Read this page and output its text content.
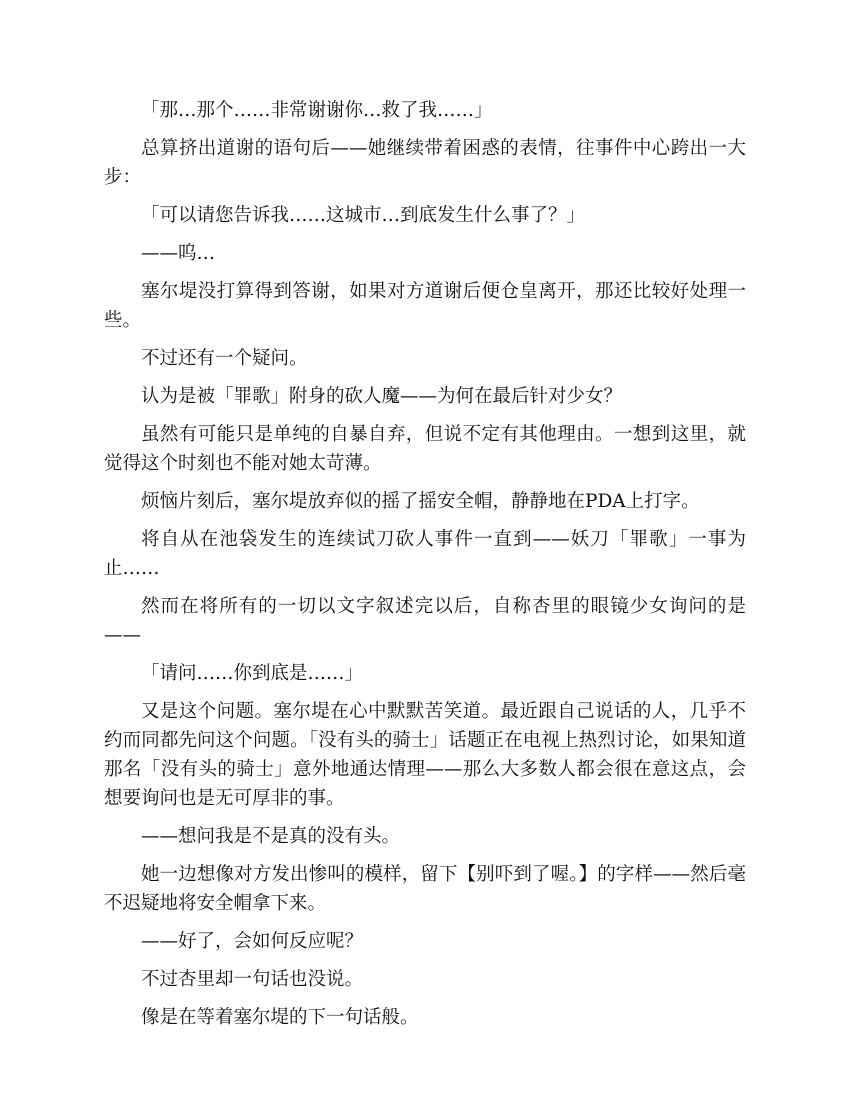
「那…那个……非常谢谢你…救了我……」

总算挤出道谢的语句后——她继续带着困惑的表情，往事件中心跨出一大步：

「可以请您告诉我……这城市…到底发生什么事了？」

——呜…

塞尔堤没打算得到答谢，如果对方道谢后便仓皇离开，那还比较好处理一些。

不过还有一个疑问。

认为是被「罪歌」附身的砍人魔——为何在最后针对少女？

虽然有可能只是单纯的自暴自弃，但说不定有其他理由。一想到这里，就觉得这个时刻也不能对她太苛薄。

烦恼片刻后，塞尔堤放弃似的摇了摇安全帽，静静地在PDA上打字。

将自从在池袋发生的连续试刀砍人事件一直到——妖刀「罪歌」一事为止……

然而在将所有的一切以文字叙述完以后，自称杏里的眼镜少女询问的是——

「请问……你到底是……」

又是这个问题。塞尔堤在心中默默苦笑道。最近跟自己说话的人，几乎不约而同都先问这个问题。「没有头的骑士」话题正在电视上热烈讨论，如果知道那名「没有头的骑士」意外地通达情理——那么大多数人都会很在意这点，会想要询问也是无可厚非的事。

——想问我是不是真的没有头。

她一边想像对方发出惨叫的模样，留下【别吓到了喔。】的字样——然后毫不迟疑地将安全帽拿下来。

——好了，会如何反应呢？

不过杏里却一句话也没说。

像是在等着塞尔堤的下一句话般。
